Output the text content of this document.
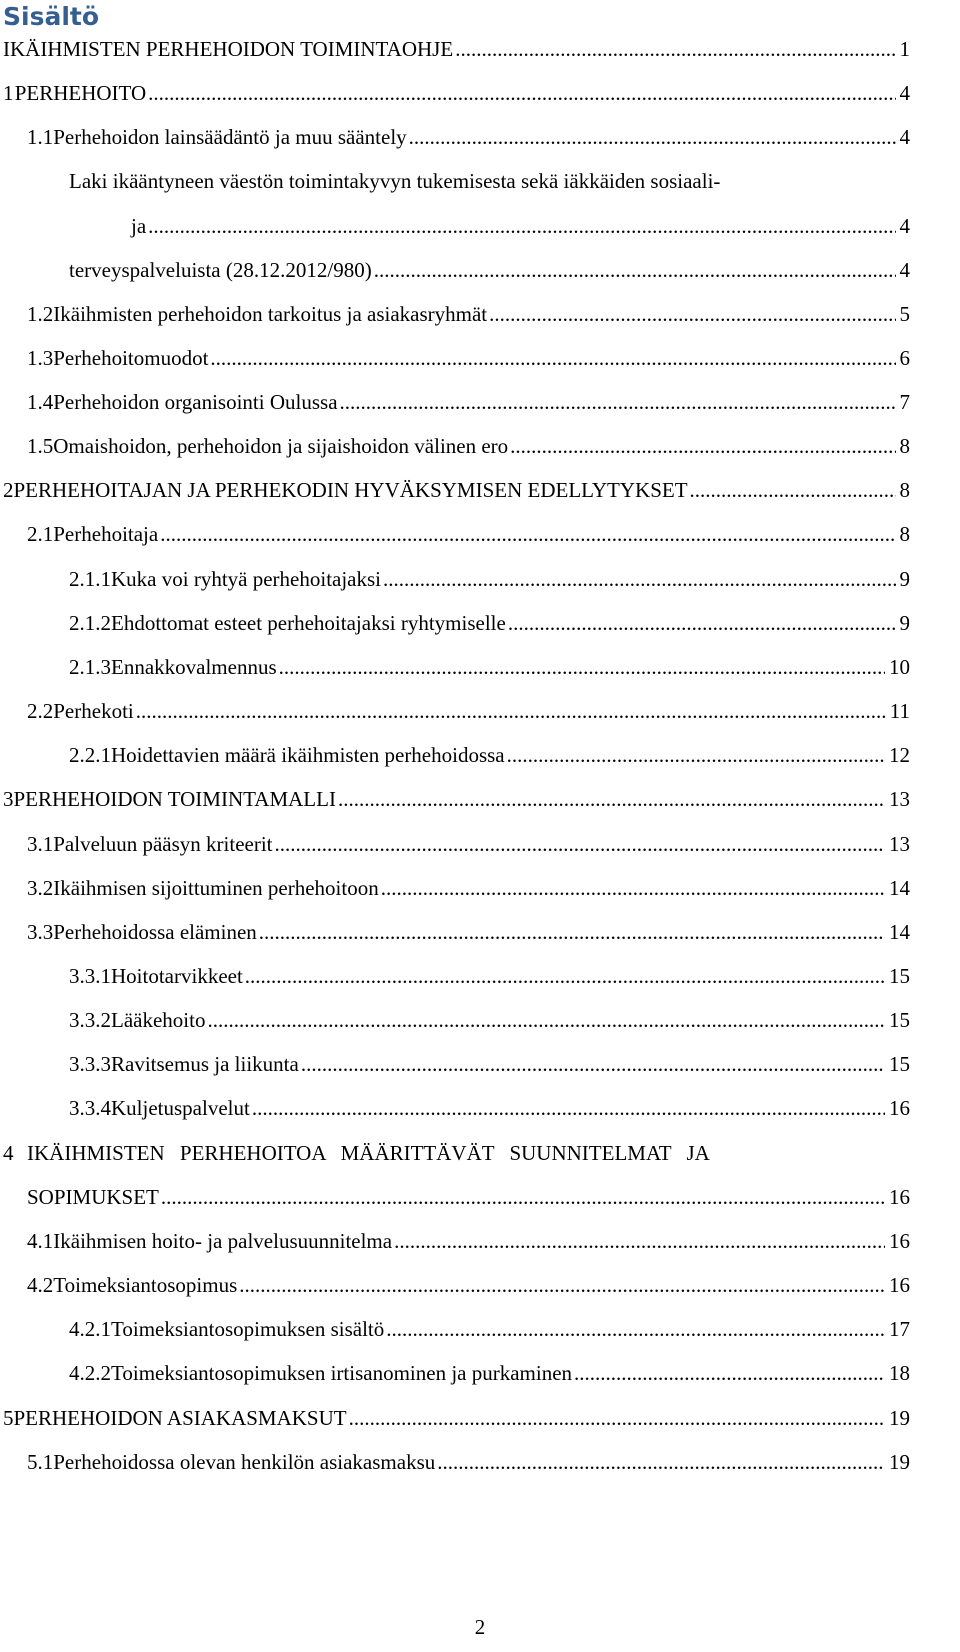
Sisältö
IKÄIHMISTEN PERHEHOIDON TOIMINTAOHJE .....	1
1 PERHEHOITO .....	4
1.1 Perhehoidon lainsäädäntö ja muu sääntely .....	4
Laki ikääntyneen väestön toimintakyvyn tukemisesta sekä iäkkäiden sosiaali-
ja .....	4
terveyspalveluista (28.12.2012/980) .....	4
1.2 Ikäihmisten perhehoidon tarkoitus ja asiakasryhmät .....	5
1.3 Perhehoitomuodot .....	6
1.4 Perhehoidon organisointi Oulussa .....	7
1.5 Omaishoidon, perhehoidon ja sijaishoidon välinen ero .....	8
2 PERHEHOITAJAN JA PERHEKODIN HYVÄKSYMISEN EDELLYTYKSET .....	8
2.1 Perhehoitaja .....	8
2.1.1 Kuka voi ryhtyä perhehoitajaksi .....	9
2.1.2 Ehdottomat esteet perhehoitajaksi ryhtymiselle .....	9
2.1.3 Ennakkovalmennus .....	10
2.2 Perhekoti .....	11
2.2.1 Hoidettavien määrä ikäihmisten perhehoidossa .....	12
3 PERHEHOIDON TOIMINTAMALLI .....	13
3.1 Palveluun pääsyn kriteerit .....	13
3.2 Ikäihmisen sijoittuminen perhehoitoon .....	14
3.3 Perhehoidossa eläminen .....	14
3.3.1 Hoitotarvikkeet .....	15
3.3.2 Lääkehoito .....	15
3.3.3 Ravitsemus ja liikunta .....	15
3.3.4 Kuljetuspalvelut .....	16
4 IKÄIHMISTEN PERHEHOITOA MÄÄRITTÄVÄT SUUNNITELMAT JA
SOPIMUKSET .....	16
4.1 Ikäihmisen hoito- ja palvelusuunnitelma .....	16
4.2 Toimeksiantosopimus .....	16
4.2.1 Toimeksiantosopimuksen sisältö .....	17
4.2.2 Toimeksiantosopimuksen irtisanominen ja purkaminen .....	18
5 PERHEHOIDON ASIAKASMAKSUT .....	19
5.1 Perhehoidossa olevan henkilön asiakasmaksu .....	19
2
